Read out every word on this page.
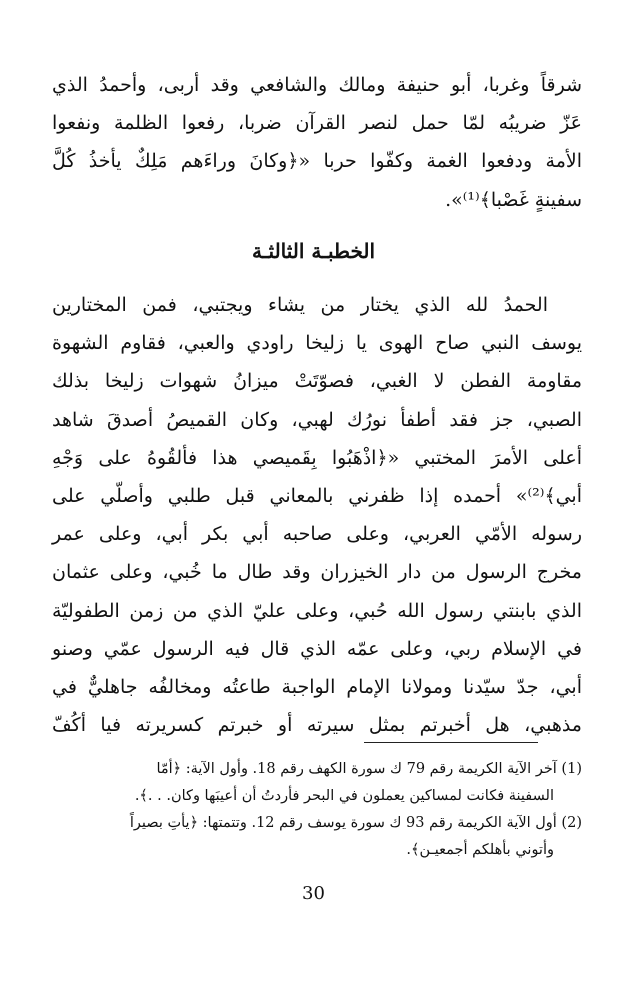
شرقاً وغربا، أبو حنيفة ومالك والشافعي وقد أربى، وأحمدُ الذي
عَزّ ضريبُه لمّا حمل لنصر القرآن ضربا، رفعوا الظلمة ونفعوا
الأمة ودفعوا الغمة وكفّوا حربا «﴿وكانَ وراءَهم مَلِكٌ يأخذُ كُلَّ
سفينةٍ غَصْبا﴾⁽¹⁾».
الخطبـة الثالثـة
الحمدُ لله الذي يختار من يشاء ويجتبي، فمن المختارين
يوسف النبي صاح الهوى يا زليخا راودي والعبي، فقاوم الشهوة
مقاومة الفطن لا الغبي، فصوّتَتْ ميزانُ شهوات زليخا بذلك
الصبي، جز فقد أطفأ نورُك لهبي، وكان القميصُ أصدقَ شاهد
أعلى الأمرَ المختبي «﴿اذْهَبُوا بِقَميصي هذا فألقُوهُ على وَجْهِ
أبي﴾⁽²⁾» أحمده إذا ظفرني بالمعاني قبل طلبي وأصلّي على
رسوله الأمّي العربي، وعلى صاحبه أبي بكر أبي، وعلى عمر
مخرج الرسول من دار الخيزران وقد طال ما خُبي، وعلى عثمان
الذي بابنتي رسول الله حُبي، وعلى عليّ الذي من زمن الطفوليّة
في الإسلام ربي، وعلى عمّه الذي قال فيه الرسول عمّي وصنو
أبي، جدّ سيّدنا ومولانا الإمام الواجبة طاعتُه ومخالفُه جاهليٌّ في
مذهبي، هل أخبرتم بمثل سيرته أو خبرتم كسريرته فيا أكُفّ
(1) آخر الآية الكريمة رقم 79 ك سورة الكهف رقم 18. وأول الآية: ﴿أمّا
السفينة فكانت لمساكين يعملون في البحر فأردتُ أن أعيبَها وكان. . .﴾.
(2) أول الآية الكريمة رقم 93 ك سورة يوسف رقم 12. وتتمتها: ﴿يأتِ بصيراً
وأتوني بأهلكم أجمعيـن﴾.
30
